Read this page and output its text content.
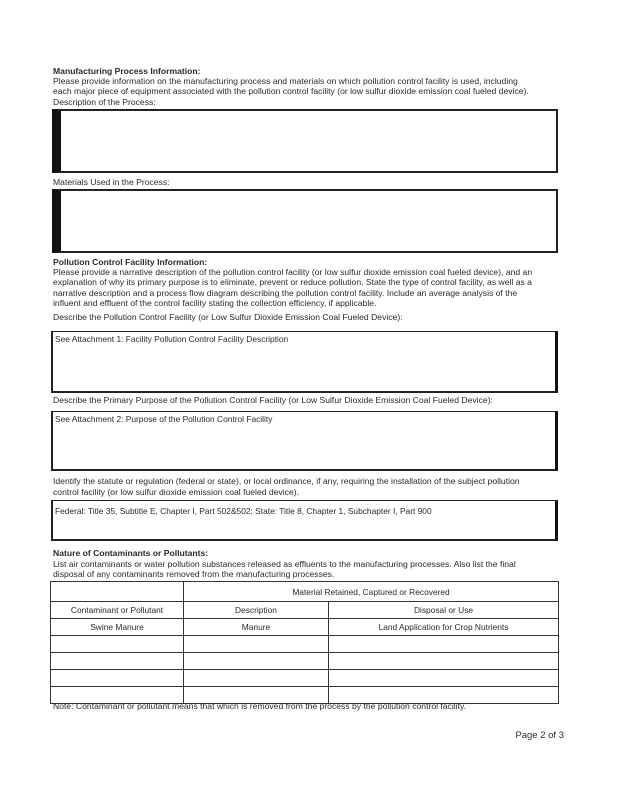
Manufacturing Process Information:
Please provide information on the manufacturing process and materials on which pollution control facility is used, including
each major piece of equipment associated with the pollution control facility (or low sulfur dioxide emission coal fueled device).
Description of the Process:
Materials Used in the Process:
Pollution Control Facility Information:
Please provide a narrative description of the pollution control facility (or low sulfur dioxide emission coal fueled device), and an
explanation of why its primary purpose is to eliminate, prevent or reduce pollution. State the type of control facility, as well as a
narrative description and a process flow diagram describing the pollution control facility. Include an average analysis of the
influent and effluent of the control facility stating the collection efficiency, if applicable.
Describe the Pollution Control Facility (or Low Sulfur Dioxide Emission Coal Fueled Device):
See Attachment 1: Facility Pollution Control Facility Description
Describe the Primary Purpose of the Pollution Control Facility (or Low Sulfur Dioxide Emission Coal Fueled Device):
See Attachment 2: Purpose of the Pollution Control Facility
Identify the statute or regulation (federal or state), or local ordinance, if any, requiring the installation of the subject pollution
control facility (or low sulfur dioxide emission coal fueled device).
Federal: Title 35, Subtitle E, Chapter I, Part 502&502; State: Title 8, Chapter 1, Subchapter I, Part 900
Nature of Contaminants or Pollutants:
List air contaminants or water pollution substances released as effluents to the manufacturing processes. Also list the final
disposal of any contaminants removed from the manufacturing processes.
	Material Retained, Captured or Recovered	
Contaminant or Pollutant	Description	Disposal or Use
Swine Manure	Manure	Land Application for Crop Nutrients

Note: Contaminant or pollutant means that which is removed from the process by the pollution control facility.
Page 2 of 3
